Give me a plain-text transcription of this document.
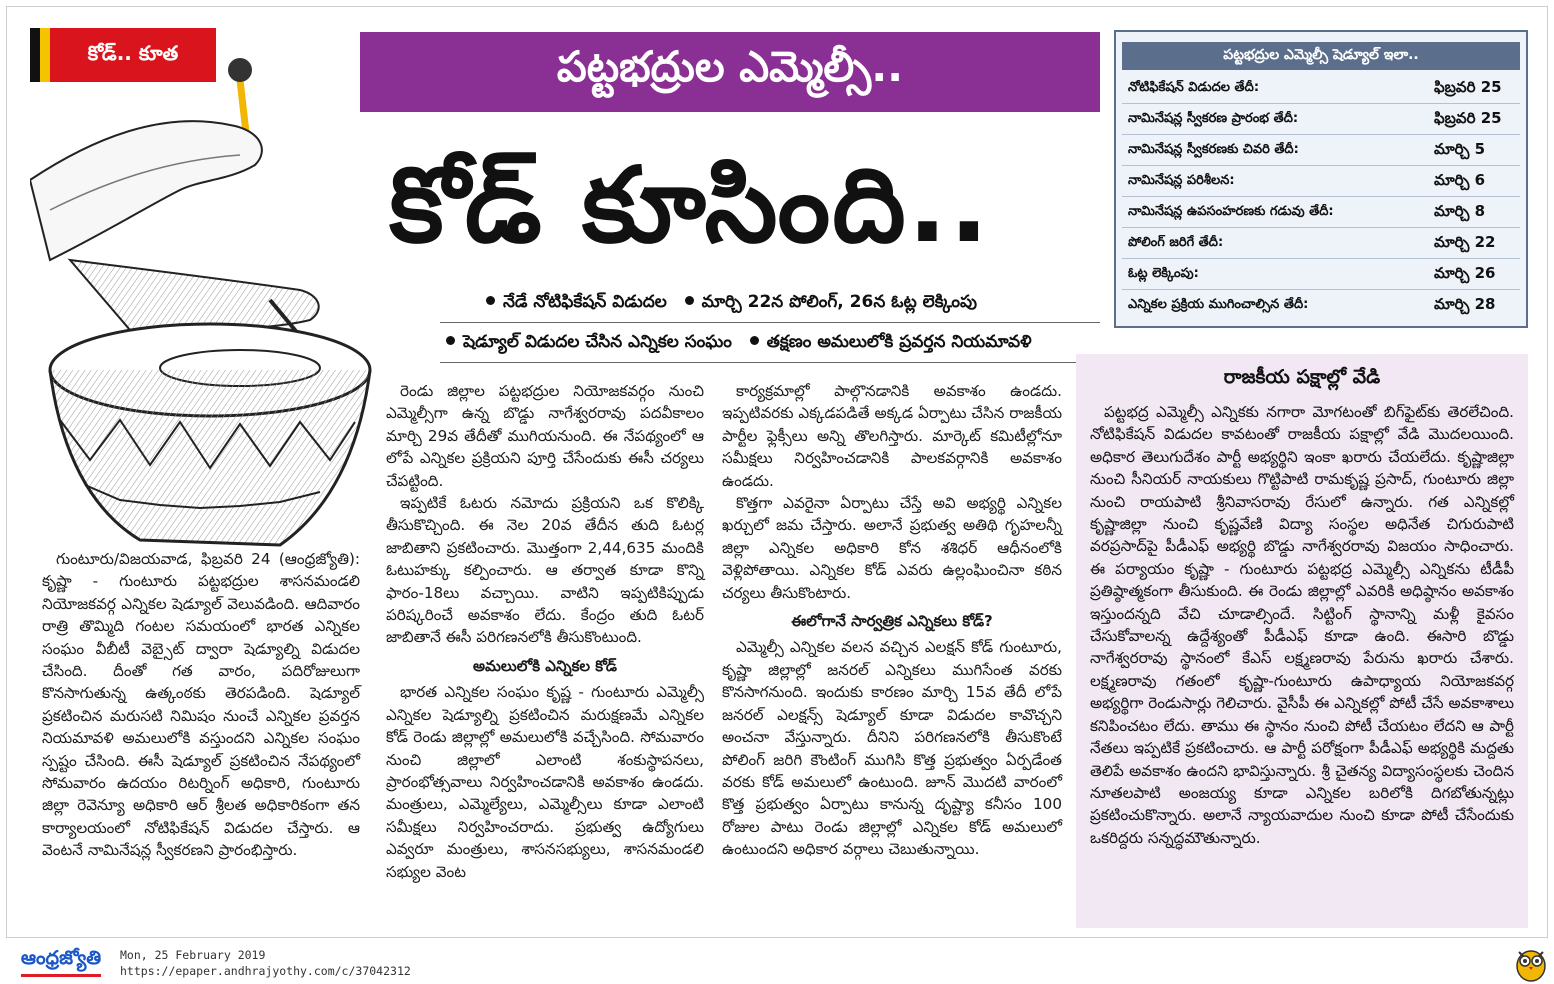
కోడ్.. కూత	పట్టభద్రుల ఎమ్మెల్సీ..
కోడ్ కూసింది..
నేడే నోటిఫికేషన్ విడుదల మార్చి 22న పోలింగ్, 26న ఓట్ల లెక్కింపు
షెడ్యూల్ విడుదల చేసిన ఎన్నికల సంఘం తక్షణం అమలులోకి ప్రవర్తన నియమావళి
పట్టభద్రుల ఎమ్మెల్సీ షెడ్యూల్ ఇలా..
నోటిఫికేషన్ విడుదల తేదీ:	ఫిబ్రవరి 25
నామినేషన్ల స్వీకరణ ప్రారంభ తేదీ:	ఫిబ్రవరి 25
నామినేషన్ల స్వీకరణకు చివరి తేదీ:	మార్చి 5
నామినేషన్ల పరిశీలన:	మార్చి 6
నామినేషన్ల ఉపసంహరణకు గడువు తేదీ:	మార్చి 8
పోలింగ్ జరిగే తేదీ:	మార్చి 22
ఓట్ల లెక్కింపు:	మార్చి 26
ఎన్నికల ప్రక్రియ ముగించాల్సిన తేదీ:	మార్చి 28

గుంటూరు/విజయవాడ, ఫిబ్రవరి 24 (ఆంధ్రజ్యోతి): కృష్ణా - గుంటూరు పట్టభద్రుల శాసనమండలి నియోజకవర్గ ఎన్నికల షెడ్యూల్ వెలువడింది. ఆదివారం రాత్రి తొమ్మిది గంటల సమయంలో భారత ఎన్నికల సంఘం వీబీటీ వెబ్సైట్ ద్వారా షెడ్యూల్ని విడుదల చేసింది. దీంతో గత వారం, పదిరోజులుగా కొనసాగుతున్న ఉత్కంఠకు తెరపడింది. షెడ్యూల్ ప్రకటించిన మరుసటి నిమిషం నుంచే ఎన్నికల ప్రవర్తన నియమావళి అమలులోకి వస్తుందని ఎన్నికల సంఘం స్పష్టం చేసింది. ఈసీ షెడ్యూల్ ప్రకటించిన నేపథ్యంలో సోమవారం ఉదయం రిటర్నింగ్ అధికారి, గుంటూరు జిల్లా రెవెన్యూ అధికారి ఆర్ శ్రీలత అధికారికంగా తన కార్యాలయంలో నోటిఫికేషన్ విడుదల చేస్తారు. ఆ వెంటనే నామినేషన్ల స్వీకరణని ప్రారంభిస్తారు.

రెండు జిల్లాల పట్టభద్రుల నియోజకవర్గం నుంచి ఎమ్మెల్సీగా ఉన్న బొడ్డు నాగేశ్వరరావు పదవీకాలం మార్చి 29వ తేదీతో ముగియనుంది. ఈ నేపథ్యంలో ఆ లోపే ఎన్నికల ప్రక్రియని పూర్తి చేసేందుకు ఈసీ చర్యలు చేపట్టింది.

ఇప్పటికే ఓటరు నమోదు ప్రక్రియని ఒక కొలిక్కి తీసుకొచ్చింది. ఈ నెల 20వ తేదీన తుది ఓటర్ల జాబితాని ప్రకటించారు. మొత్తంగా 2,44,635 మందికి ఓటుహక్కు కల్పించారు. ఆ తర్వాత కూడా కొన్ని ఫారం-18లు వచ్చాయి. వాటిని ఇప్పటికిప్పుడు పరిష్కరించే అవకాశం లేదు. కేంద్రం తుది ఓటర్ జాబితానే ఈసీ పరిగణనలోకి తీసుకొంటుంది.

అమలులోకి ఎన్నికల కోడ్

భారత ఎన్నికల సంఘం కృష్ణ - గుంటూరు ఎమ్మెల్సీ ఎన్నికల షెడ్యూల్ని ప్రకటించిన మరుక్షణమే ఎన్నికల కోడ్ రెండు జిల్లాల్లో అమలులోకి వచ్చేసింది. సోమవారం నుంచి జిల్లాలో ఎలాంటి శంకుస్థాపనలు, ప్రారంభోత్సవాలు నిర్వహించడానికి అవకాశం ఉండదు. మంత్రులు, ఎమ్మెల్యేలు, ఎమ్మెల్సీలు కూడా ఎలాంటి సమీక్షలు నిర్వహించరాదు. ప్రభుత్వ ఉద్యోగులు ఎవ్వరూ మంత్రులు, శాసనసభ్యులు, శాసనమండలి సభ్యుల వెంట

కార్యక్రమాల్లో పాల్గొనడానికి అవకాశం ఉండదు. ఇప్పటివరకు ఎక్కడపడితే అక్కడ ఏర్పాటు చేసిన రాజకీయ పార్టీల ఫ్లెక్సీలు అన్ని తొలగిస్తారు. మార్కెట్ కమిటీల్లోనూ సమీక్షలు నిర్వహించడానికి పాలకవర్గానికి అవకాశం ఉండదు.

కొత్తగా ఎవరైనా ఏర్పాటు చేస్తే అవి అభ్యర్థి ఎన్నికల ఖర్చులో జమ చేస్తారు. అలానే ప్రభుత్వ అతిథి గృహలన్నీ జిల్లా ఎన్నికల అధికారి కోన శశిధర్ ఆధీనంలోకి వెళ్లిపోతాయి. ఎన్నికల కోడ్ ఎవరు ఉల్లంఘించినా కఠిన చర్యలు తీసుకొంటారు.

ఈలోగానే సార్వత్రిక ఎన్నికలు కోడ్?

ఎమ్మెల్సీ ఎన్నికల వలన వచ్చిన ఎలక్షన్ కోడ్ గుంటూరు, కృష్ణా జిల్లాల్లో జనరల్ ఎన్నికలు ముగిసేంత వరకు కొనసాగనుంది. ఇందుకు కారణం మార్చి 15వ తేదీ లోపే జనరల్ ఎలక్షన్స్ షెడ్యూల్ కూడా విడుదల కావొచ్చని అంచనా వేస్తున్నారు. దీనిని పరిగణనలోకి తీసుకొంటే పోలింగ్ జరిగి కౌంటింగ్ ముగిసి కొత్త ప్రభుత్వం ఏర్పడేంత వరకు కోడ్ అమలులో ఉంటుంది. జూన్ మొదటి వారంలో కొత్త ప్రభుత్వం ఏర్పాటు కానున్న దృష్ట్యా కనీసం 100 రోజుల పాటు రెండు జిల్లాల్లో ఎన్నికల కోడ్ అమలులో ఉంటుందని అధికార వర్గాలు చెబుతున్నాయి.

రాజకీయ పక్షాల్లో వేడి

పట్టభద్ర ఎమ్మెల్సీ ఎన్నికకు నగారా మోగటంతో బిగ్‌ఫైట్‌కు తెరలేచింది. నోటిఫికేషన్ విడుదల కావటంతో రాజకీయ పక్షాల్లో వేడి మొదలయింది. అధికార తెలుగుదేశం పార్టీ అభ్యర్థిని ఇంకా ఖరారు చేయలేదు. కృష్ణాజిల్లా నుంచి సీనియర్ నాయకులు గొట్టిపాటి రామకృష్ణ ప్రసాద్, గుంటూరు జిల్లా నుంచి రాయపాటి శ్రీనివాసరావు రేసులో ఉన్నారు. గత ఎన్నికల్లో కృష్ణాజిల్లా నుంచి కృష్ణవేణి విద్యా సంస్థల అధినేత చిగురుపాటి వరప్రసాద్‌పై పీడీఎఫ్ అభ్యర్థి బొడ్డు నాగేశ్వరరావు విజయం సాధించారు. ఈ పర్యాయం కృష్ణా - గుంటూరు పట్టభద్ర ఎమ్మెల్సీ ఎన్నికను టీడీపీ ప్రతిష్ఠాత్మకంగా తీసుకుంది. ఈ రెండు జిల్లాల్లో ఎవరికి అధిష్ఠానం అవకాశం ఇస్తుందన్నది వేచి చూడాల్సిందే. సిట్టింగ్ స్థానాన్ని మళ్లీ కైవసం చేసుకోవాలన్న ఉద్దేశ్యంతో పీడీఎఫ్ కూడా ఉంది. ఈసారి బొడ్డు నాగేశ్వరరావు స్థానంలో కేఎస్ లక్ష్మణరావు పేరును ఖరారు చేశారు. లక్ష్మణరావు గతంలో కృష్ణా-గుంటూరు ఉపాధ్యాయ నియోజకవర్గ అభ్యర్థిగా రెండుసార్లు గెలిచారు. వైసీపీ ఈ ఎన్నికల్లో పోటీ చేసే అవకాశాలు కనిపించటం లేదు. తాము ఈ స్థానం నుంచి పోటీ చేయటం లేదని ఆ పార్టీ నేతలు ఇప్పటికే ప్రకటించారు. ఆ పార్టీ పరోక్షంగా పీడీఎఫ్ అభ్యర్థికి మద్దతు తెలిపే అవకాశం ఉందని భావిస్తున్నారు. శ్రీ చైతన్య విద్యాసంస్థలకు చెందిన నూతలపాటి అంజయ్య కూడా ఎన్నికల బరిలోకి దిగబోతున్నట్లు ప్రకటించుకొన్నారు. అలానే న్యాయవాదుల నుంచి కూడా పోటీ చేసేందుకు ఒకరిద్దరు సన్నద్ధమౌతున్నారు.

ఆంధ్రజ్యోతి Mon, 25 February 2019
https://epaper.andhrajyothy.com/c/37042312
